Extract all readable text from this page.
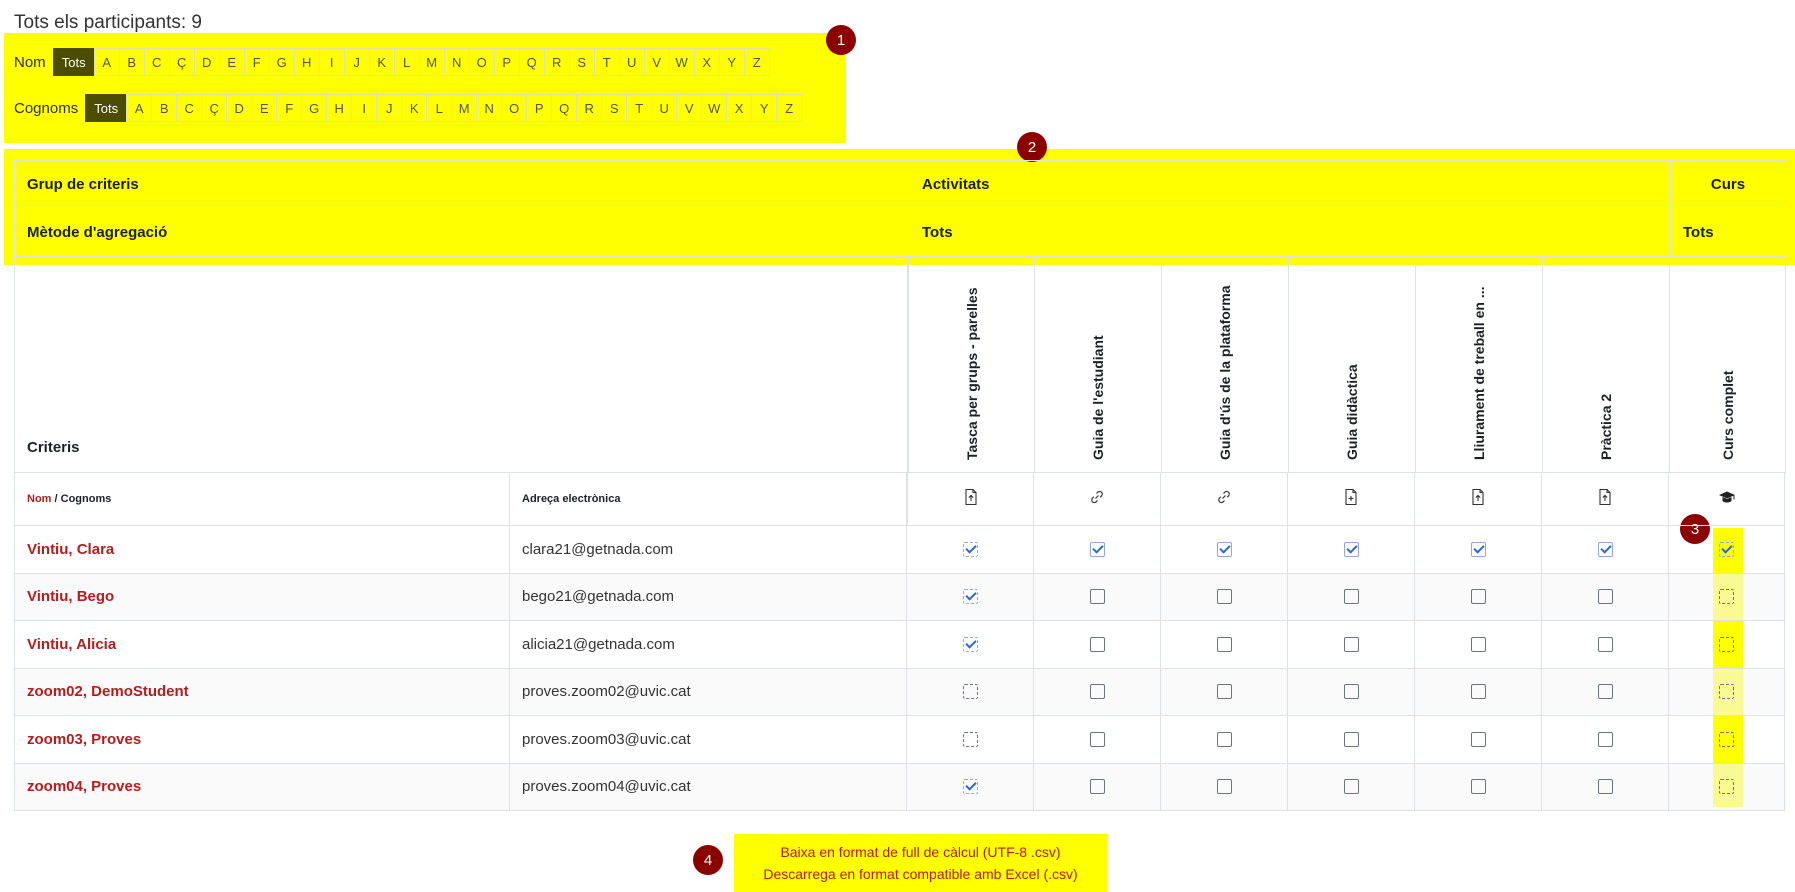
Tots els participants: 9
Nom	Tots	A	B	C	Ç	D	E	F	G	H	I	J	K	L	M	N	O	P	Q	R	S	T	U	V	W	X	Y	Z
Cognoms	Tots	A	B	C	Ç	D	E	F	G	H	I	J	K	L	M	N	O	P	Q	R	S	T	U	V	W	X	Y	Z
1
2
Grup de criteris	Activitats	Curs
Mètode d'agregació	Tots	Tots
Criteris	Tasca per grups - parelles	Guia de l'estudiant	Guia d'ús de la plataforma	Guia didàctica	Lliurament de treball en ...	Pràctica 2	Curs complet
Nom / Cognoms	Adreça electrònica
Vintiu, Clara	clara21@getnada.com
Vintiu, Bego	bego21@getnada.com
Vintiu, Alicia	alicia21@getnada.com
zoom02, DemoStudent	proves.zoom02@uvic.cat
zoom03, Proves	proves.zoom03@uvic.cat
zoom04, Proves	proves.zoom04@uvic.cat
3
Baixa en format de full de càlcul (UTF-8 .csv)
Descarrega en format compatible amb Excel (.csv)
4
